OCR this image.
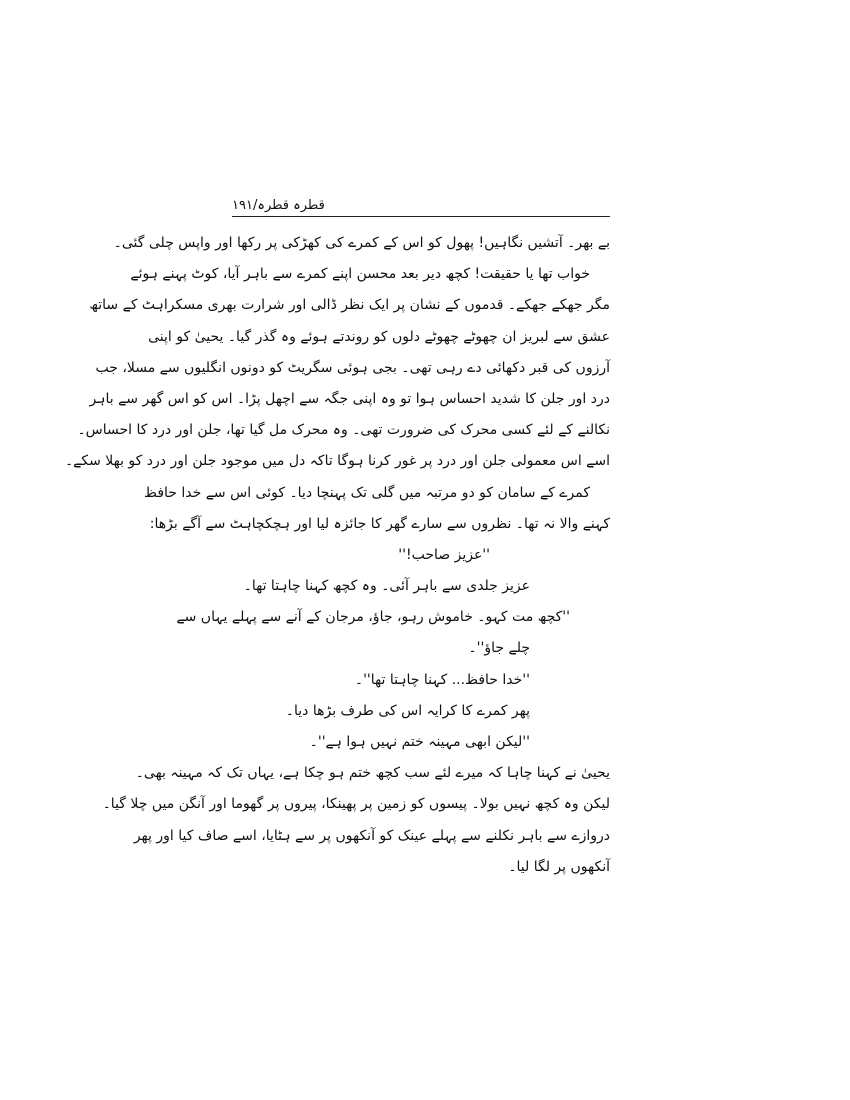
قطرہ قطرہ/۱۹۱
بے بھر۔ آتشیں نگاہیں! پھول کو اس کے کمرے کی کھڑکی پر رکھا اور واپس چلی گئی۔
خواب تھا یا حقیقت! کچھ دیر بعد محسن اپنے کمرے سے باہر آیا، کوٹ پہنے ہوئے
مگر جھکے جھکے۔ قدموں کے نشان پر ایک نظر ڈالی اور شرارت بھری مسکراہٹ کے ساتھ
عشق سے لبریز ان چھوٹے چھوٹے دلوں کو روندتے ہوئے وہ گذر گیا۔ یحییٰ کو اپنی
آرزوں کی قبر دکھائی دے رہی تھی۔ بجی ہوئی سگریٹ کو دونوں انگلیوں سے مسلا، جب
درد اور جلن کا شدید احساس ہوا تو وہ اپنی جگہ سے اچھل پڑا۔ اس کو اس گھر سے باہر
نکالنے کے لئے کسی محرک کی ضرورت تھی۔ وہ محرک مل گیا تھا، جلن اور درد کا احساس۔
اسے اس معمولی جلن اور درد پر غور کرنا ہوگا تاکہ دل میں موجود جلن اور درد کو بھلا سکے۔
کمرے کے سامان کو دو مرتبہ میں گلی تک پہنچا دیا۔ کوئی اس سے خدا حافظ
کہنے والا نہ تھا۔ نظروں سے سارے گھر کا جائزہ لیا اور ہچکچاہٹ سے آگے بڑھا:
''عزیز صاحب!''
عزیز جلدی سے باہر آئی۔ وہ کچھ کہنا چاہتا تھا۔
''کچھ مت کہو۔ خاموش رہو، جاؤ، مرجان کے آنے سے پہلے یہاں سے
چلے جاؤ''۔
''خدا حافظ... کہنا چاہتا تھا''۔
پھر کمرے کا کرایہ اس کی طرف بڑھا دیا۔
''لیکن ابھی مہینہ ختم نہیں ہوا ہے''۔
یحییٰ نے کہنا چاہا کہ میرے لئے سب کچھ ختم ہو چکا ہے، یہاں تک کہ مہینہ بھی۔
لیکن وہ کچھ نہیں بولا۔ پیسوں کو زمین پر پھینکا، پیروں پر گھوما اور آنگن میں چلا گیا۔
دروازے سے باہر نکلنے سے پہلے عینک کو آنکھوں پر سے ہٹایا، اسے صاف کیا اور پھر
آنکھوں پر لگا لیا۔
